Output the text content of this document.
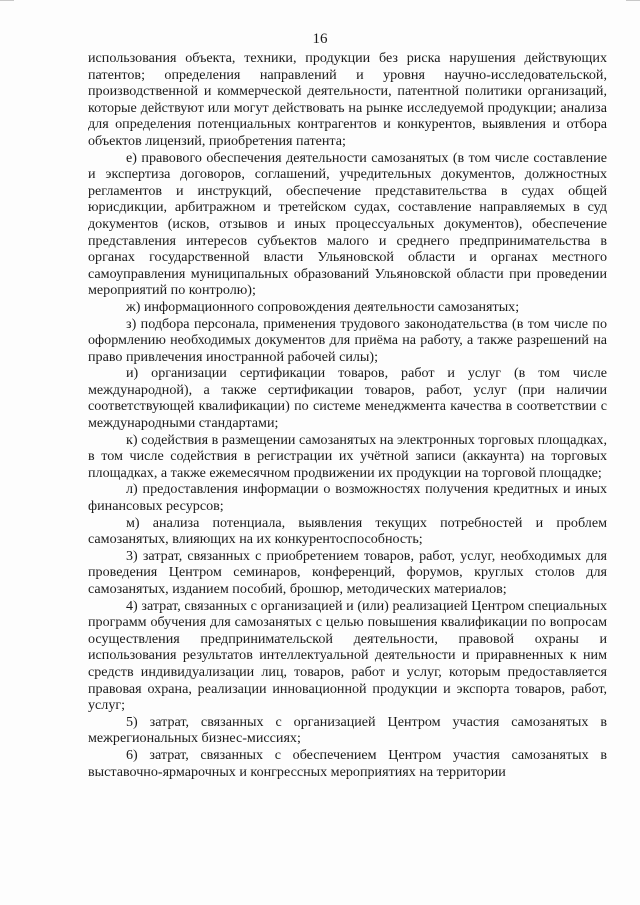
16

использования объекта, техники, продукции без риска нарушения действующих патентов; определения направлений и уровня научно-исследовательской, производственной и коммерческой деятельности, патентной политики организаций, которые действуют или могут действовать на рынке исследуемой продукции; анализа для определения потенциальных контрагентов и конкурентов, выявления и отбора объектов лицензий, приобретения патента;

е) правового обеспечения деятельности самозанятых (в том числе составление и экспертиза договоров, соглашений, учредительных документов, должностных регламентов и инструкций, обеспечение представительства в судах общей юрисдикции, арбитражном и третейском судах, составление направляемых в суд документов (исков, отзывов и иных процессуальных документов), обеспечение представления интересов субъектов малого и среднего предпринимательства в органах государственной власти Ульяновской области и органах местного самоуправления муниципальных образований Ульяновской области при проведении мероприятий по контролю);

ж) информационного сопровождения деятельности самозанятых;

з) подбора персонала, применения трудового законодательства (в том числе по оформлению необходимых документов для приёма на работу, а также разрешений на право привлечения иностранной рабочей силы);

и) организации сертификации товаров, работ и услуг (в том числе международной), а также сертификации товаров, работ, услуг (при наличии соответствующей квалификации) по системе менеджмента качества в соответствии с международными стандартами;

к) содействия в размещении самозанятых на электронных торговых площадках, в том числе содействия в регистрации их учётной записи (аккаунта) на торговых площадках, а также ежемесячном продвижении их продукции на торговой площадке;

л) предоставления информации о возможностях получения кредитных и иных финансовых ресурсов;

м) анализа потенциала, выявления текущих потребностей и проблем самозанятых, влияющих на их конкурентоспособность;

3) затрат, связанных с приобретением товаров, работ, услуг, необходимых для проведения Центром семинаров, конференций, форумов, круглых столов для самозанятых, изданием пособий, брошюр, методических материалов;

4) затрат, связанных с организацией и (или) реализацией Центром специальных программ обучения для самозанятых с целью повышения квалификации по вопросам осуществления предпринимательской деятельности, правовой охраны и использования результатов интеллектуальной деятельности и приравненных к ним средств индивидуализации лиц, товаров, работ и услуг, которым предоставляется правовая охрана, реализации инновационной продукции и экспорта товаров, работ, услуг;

5) затрат, связанных с организацией Центром участия самозанятых в межрегиональных бизнес-миссиях;

6) затрат, связанных с обеспечением Центром участия самозанятых в выставочно-ярмарочных и конгрессных мероприятиях на территории
